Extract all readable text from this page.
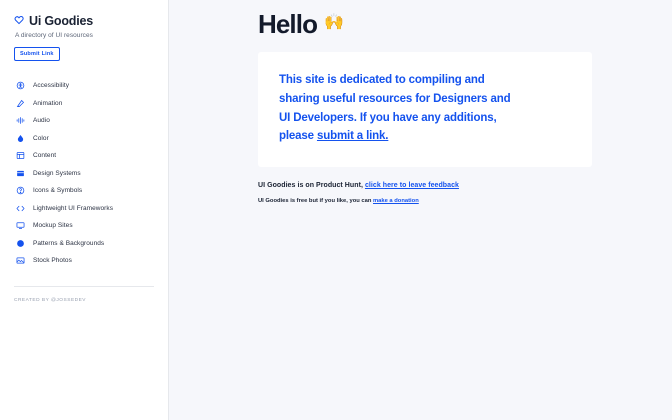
Ui Goodies
A directory of UI resources
Submit Link
Accessibility
Animation
Audio
Color
Content
Design Systems
Icons & Symbols
Lightweight UI Frameworks
Mockup Sites
Patterns & Backgrounds
Stock Photos
CREATED BY @JOSSEDEV
Hello 🙌

This site is dedicated to compiling and
sharing useful resources for Designers and
UI Developers. If you have any additions,
please submit a link.

UI Goodies is on Product Hunt, click here to leave feedback

UI Goodies is free but if you like, you can make a donation
